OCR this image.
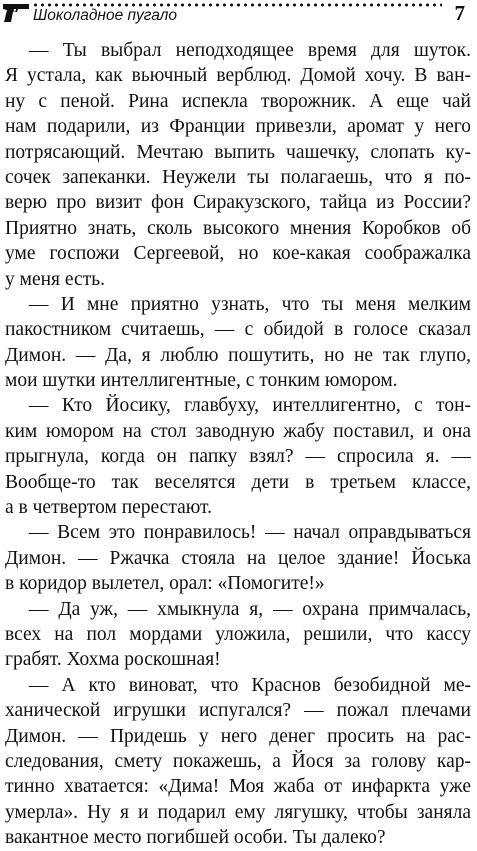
Шоколадное пугало	7
— Ты выбрал неподходящее время для шуток.
Я устала, как вьючный верблюд. Домой хочу. В ван-
ну с пеной. Рина испекла творожник. А еще чай
нам подарили, из Франции привезли, аромат у него
потрясающий. Мечтаю выпить чашечку, слопать ку-
сочек запеканки. Неужели ты полагаешь, что я по-
верю про визит фон Сиракузского, тайца из России?
Приятно знать, сколь высокого мнения Коробков об
уме госпожи Сергеевой, но кое-какая соображалка
у меня есть.
— И мне приятно узнать, что ты меня мелким
пакостником считаешь, — с обидой в голосе сказал
Димон. — Да, я люблю пошутить, но не так глупо,
мои шутки интеллигентные, с тонким юмором.
— Кто Йосику, главбуху, интеллигентно, с тон-
ким юмором на стол заводную жабу поставил, и она
прыгнула, когда он папку взял? — спросила я. —
Вообще-то так веселятся дети в третьем классе,
а в четвертом перестают.
— Всем это понравилось! — начал оправдываться
Димон. — Ржачка стояла на целое здание! Йоська
в коридор вылетел, орал: «Помогите!»
— Да уж, — хмыкнула я, — охрана примчалась,
всех на пол мордами уложила, решили, что кассу
грабят. Хохма роскошная!
— А кто виноват, что Краснов безобидной ме-
ханической игрушки испугался? — пожал плечами
Димон. — Придешь у него денег просить на рас-
следования, смету покажешь, а Йося за голову кар-
тинно хватается: «Дима! Моя жаба от инфаркта уже
умерла». Ну я и подарил ему лягушку, чтобы заняла
вакантное место погибшей особи. Ты далеко?
